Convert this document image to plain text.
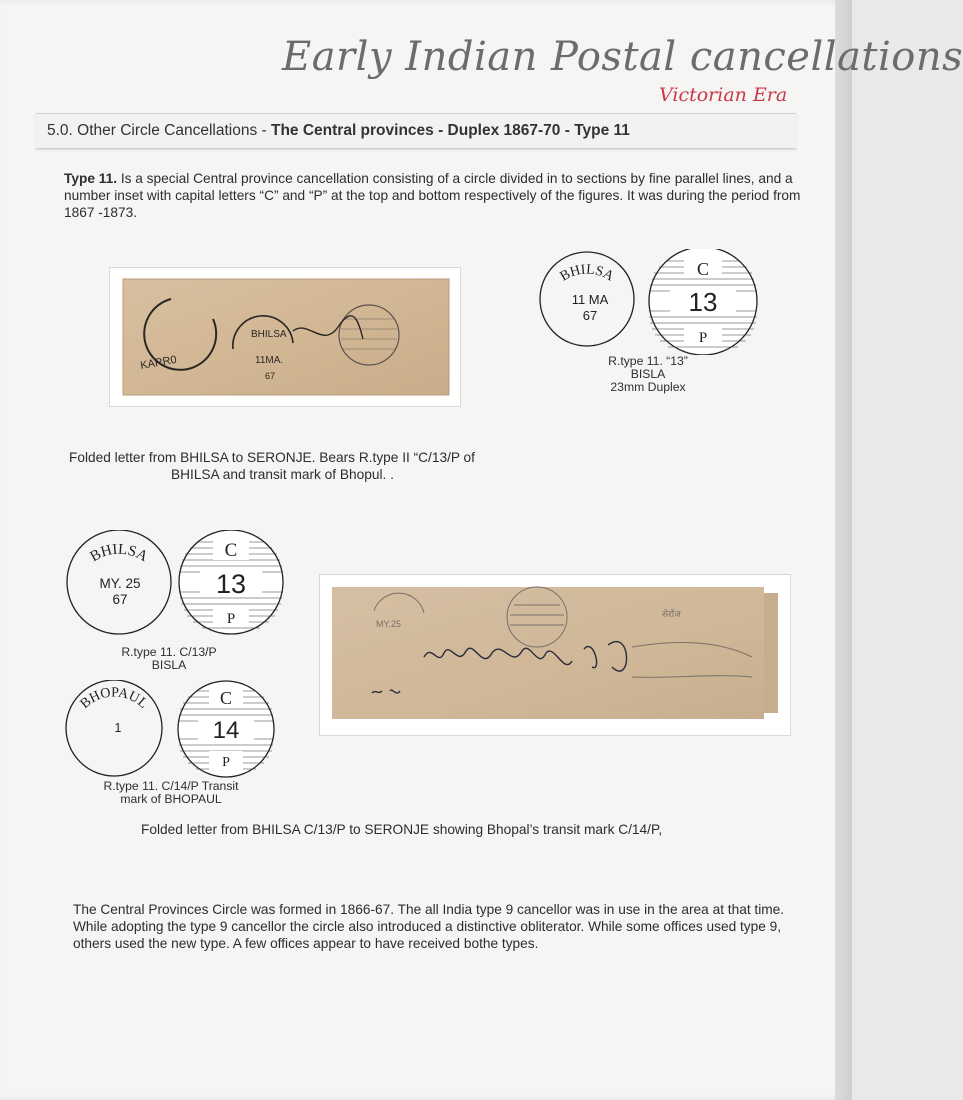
Early Indian Postal cancellations
Victorian Era
5.0. Other Circle Cancellations - The Central provinces - Duplex 1867-70 - Type 11
Type 11. Is a special Central province cancellation consisting of a circle divided in to sections by fine parallel lines, and a number inset with capital letters “C” and “P” at the top and bottom respectively of the figures. It was during the period from 1867 -1873.
KARR0
BHILSA
11MA.
67
BHILSA
11 MA
67
C
13
P
R.type 11. “13”
BISLA
23mm Duplex
Folded letter from BHILSA to SERONJE. Bears R.type II “C/13/P of
BHILSA and transit mark of Bhopul. .
BHILSA
MY. 25
67
C
13
P
R.type 11. C/13/P
BISLA
BHOPAUL
1
C
14
P
R.type 11. C/14/P Transit
mark of BHOPAUL
MY.25
सेरोंज
Folded letter from BHILSA C/13/P to SERONJE showing Bhopal’s transit mark C/14/P,
The Central Provinces Circle was formed in 1866-67. The all India type 9 cancellor was in use in the area at that time. While adopting the type 9 cancellor the circle also introduced a distinctive obliterator. While some offices used type 9, others used the new type. A few offices appear to have received bothe types.
